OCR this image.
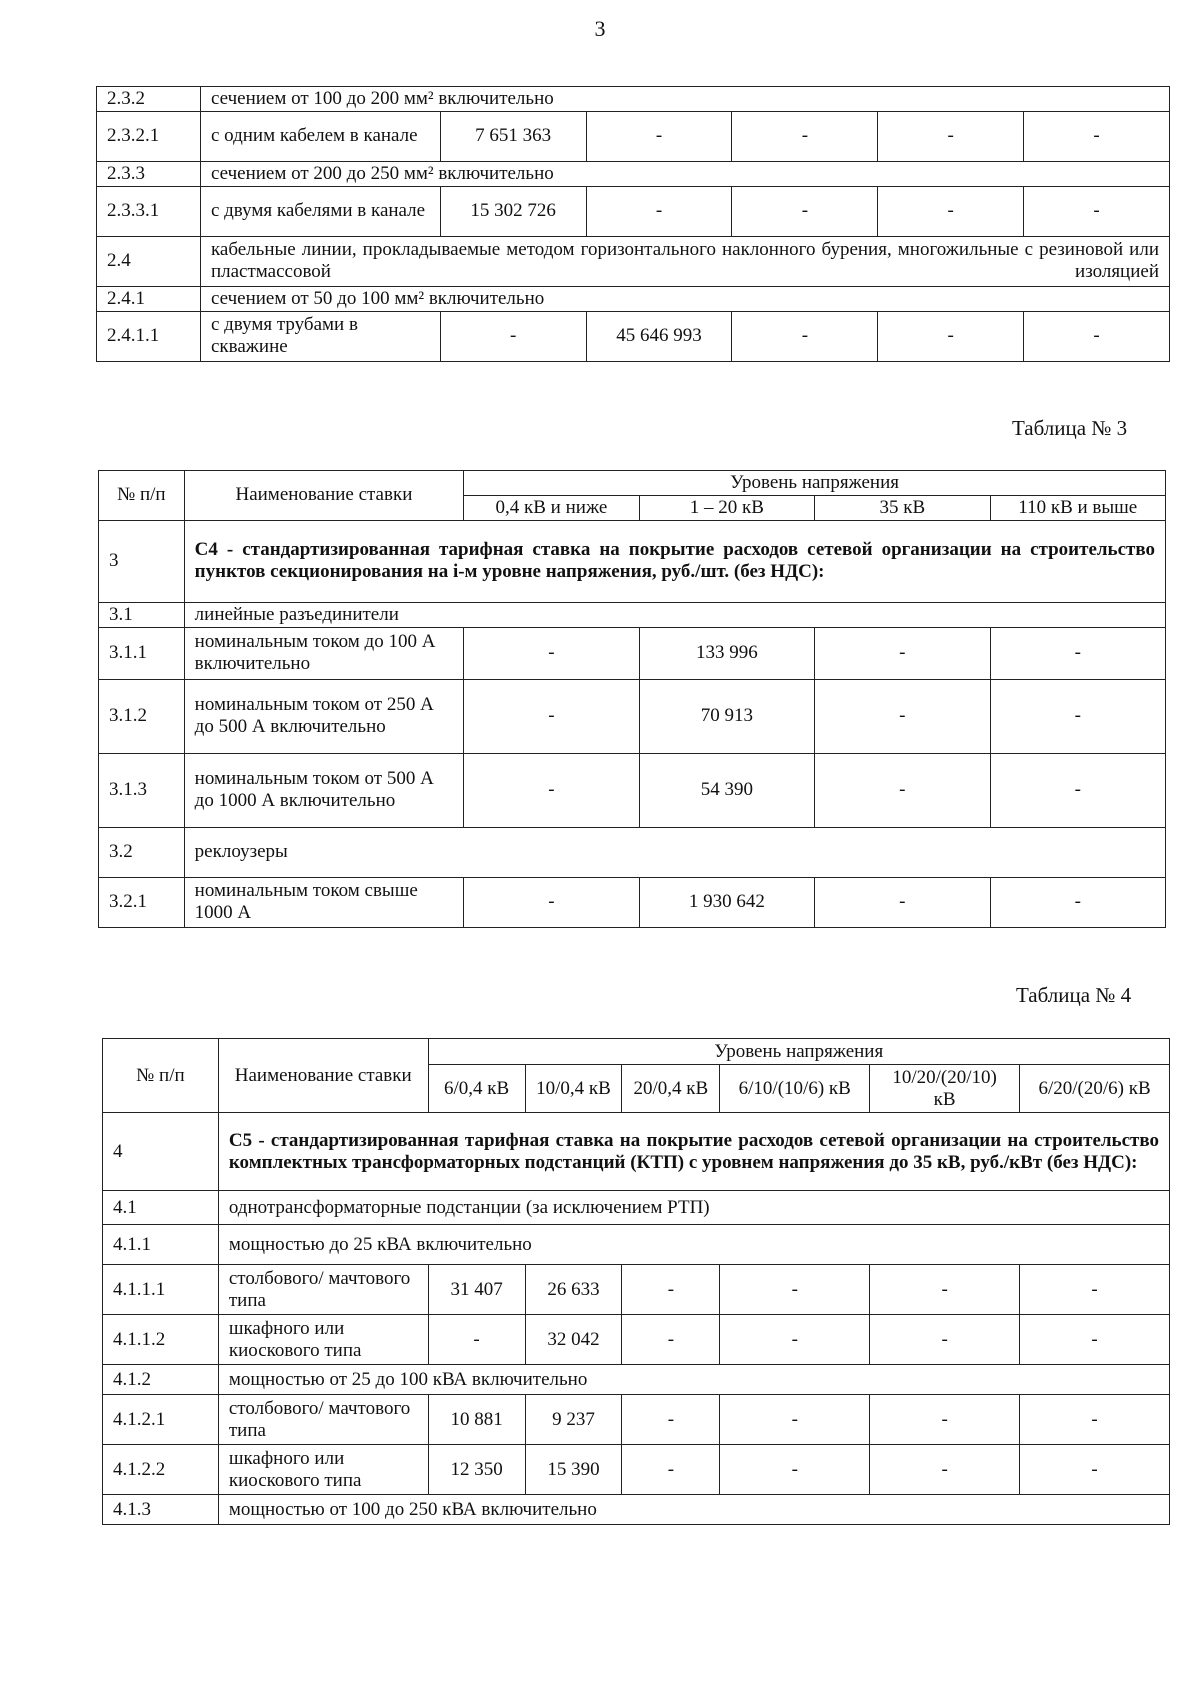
3
2.3.2	сечением от 100 до 200 мм² включительно					
2.3.2.1	с одним кабелем в канале	7 651 363	-	-	-	-
2.3.3	сечением от 200 до 250 мм² включительно					
2.3.3.1	с двумя кабелями в канале	15 302 726	-	-	-	-
2.4	кабельные линии, прокладываемые методом горизонтального наклонного бурения, многожильные с резиновой или пластмассовой изоляцией					
2.4.1	сечением от 50 до 100 мм² включительно					
2.4.1.1	с двумя трубами в скважине	-	45 646 993	-	-	-
Таблица № 3
№ п/п	Наименование ставки	Уровень напряжения			
		0,4 кВ и ниже	1 – 20 кВ	35 кВ	110 кВ и выше
3	С4 - стандартизированная тарифная ставка на покрытие расходов сетевой организации на строительство пунктов секционирования на i-м уровне напряжения, руб./шт. (без НДС):				
3.1	линейные разъединители				
3.1.1	номинальным током до 100 А включительно	-	133 996	-	-
3.1.2	номинальным током от 250 А до 500 А включительно	-	70 913	-	-
3.1.3	номинальным током от 500 А до 1000 А включительно	-	54 390	-	-
3.2	реклоузеры				
3.2.1	номинальным током свыше 1000 А	-	1 930 642	-	-
Таблица № 4
№ п/п	Наименование ставки	Уровень напряжения					
		6/0,4 кВ	10/0,4 кВ	20/0,4 кВ	6/10/(10/6) кВ	10/20/(20/10) кВ	6/20/(20/6) кВ
4	С5 - стандартизированная тарифная ставка на покрытие расходов сетевой организации на строительство комплектных трансформаторных подстанций (КТП) с уровнем напряжения до 35 кВ, руб./кВт (без НДС):						
4.1	однотрансформаторные подстанции (за исключением РТП)						
4.1.1	мощностью до 25 кВА включительно						
4.1.1.1	столбового/ мачтового типа	31 407	26 633	-	-	-	-
4.1.1.2	шкафного или киоскового типа	-	32 042	-	-	-	-
4.1.2	мощностью от 25 до 100 кВА включительно						
4.1.2.1	столбового/ мачтового типа	10 881	9 237	-	-	-	-
4.1.2.2	шкафного или киоскового типа	12 350	15 390	-	-	-	-
4.1.3	мощностью от 100 до 250 кВА включительно						
